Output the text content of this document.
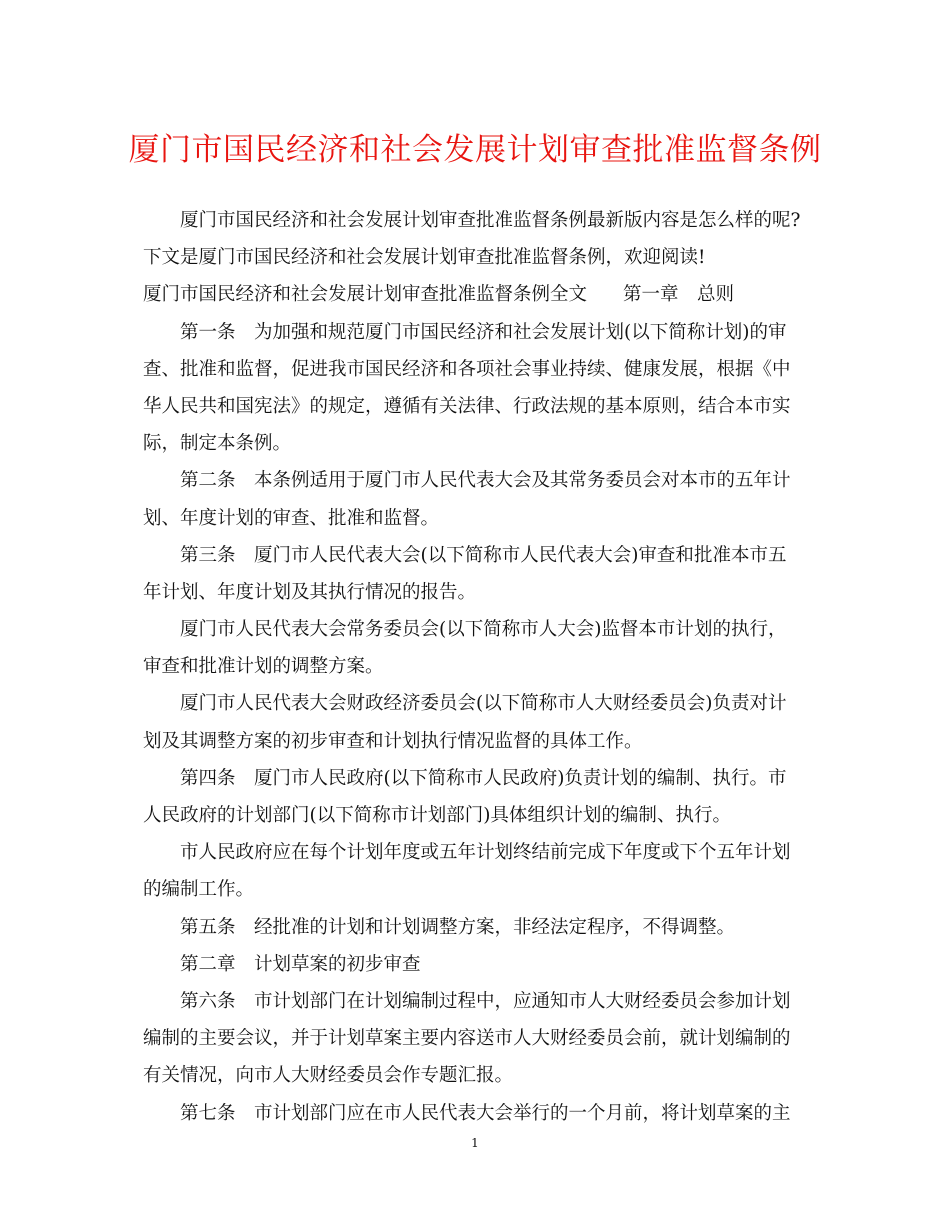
厦门市国民经济和社会发展计划审查批准监督条例
厦门市国民经济和社会发展计划审查批准监督条例最新版内容是怎么样的呢?
下文是厦门市国民经济和社会发展计划审查批准监督条例，欢迎阅读!
厦门市国民经济和社会发展计划审查批准监督条例全文 第一章　总则
第一条　为加强和规范厦门市国民经济和社会发展计划(以下简称计划)的审
查、批准和监督，促进我市国民经济和各项社会事业持续、健康发展，根据《中
华人民共和国宪法》的规定，遵循有关法律、行政法规的基本原则，结合本市实
际，制定本条例。
第二条　本条例适用于厦门市人民代表大会及其常务委员会对本市的五年计
划、年度计划的审查、批准和监督。
第三条　厦门市人民代表大会(以下简称市人民代表大会)审查和批准本市五
年计划、年度计划及其执行情况的报告。
厦门市人民代表大会常务委员会(以下简称市人大会)监督本市计划的执行，
审查和批准计划的调整方案。
厦门市人民代表大会财政经济委员会(以下简称市人大财经委员会)负责对计
划及其调整方案的初步审查和计划执行情况监督的具体工作。
第四条　厦门市人民政府(以下简称市人民政府)负责计划的编制、执行。市
人民政府的计划部门(以下简称市计划部门)具体组织计划的编制、执行。
市人民政府应在每个计划年度或五年计划终结前完成下年度或下个五年计划
的编制工作。
第五条　经批准的计划和计划调整方案，非经法定程序，不得调整。
第二章　计划草案的初步审查
第六条　市计划部门在计划编制过程中，应通知市人大财经委员会参加计划
编制的主要会议，并于计划草案主要内容送市人大财经委员会前，就计划编制的
有关情况，向市人大财经委员会作专题汇报。
第七条　市计划部门应在市人民代表大会举行的一个月前，将计划草案的主
1
